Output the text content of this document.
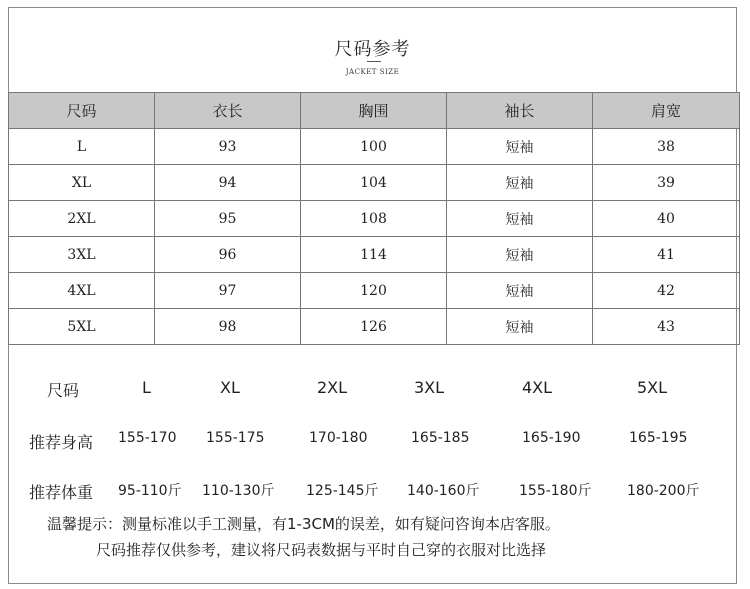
尺码参考
JACKET SIZE
尺码	衣长	胸围	袖长	肩宽
L	93	100	短袖	38
XL	94	104	短袖	39
2XL	95	108	短袖	40
3XL	96	114	短袖	41
4XL	97	120	短袖	42
5XL	98	126	短袖	43
尺码	L	XL	2XL	3XL	4XL	5XL
推荐身高 155-170 155-175	170-180	165-185	165-190	165-195
推荐体重 95-110斤 110-130斤 125-145斤 140-160斤	155-180斤	180-200斤
温馨提示：测量标准以手工测量，有1-3CM的误差，如有疑问咨询本店客服。
尺码推荐仅供参考，建议将尺码表数据与平时自己穿的衣服对比选择
